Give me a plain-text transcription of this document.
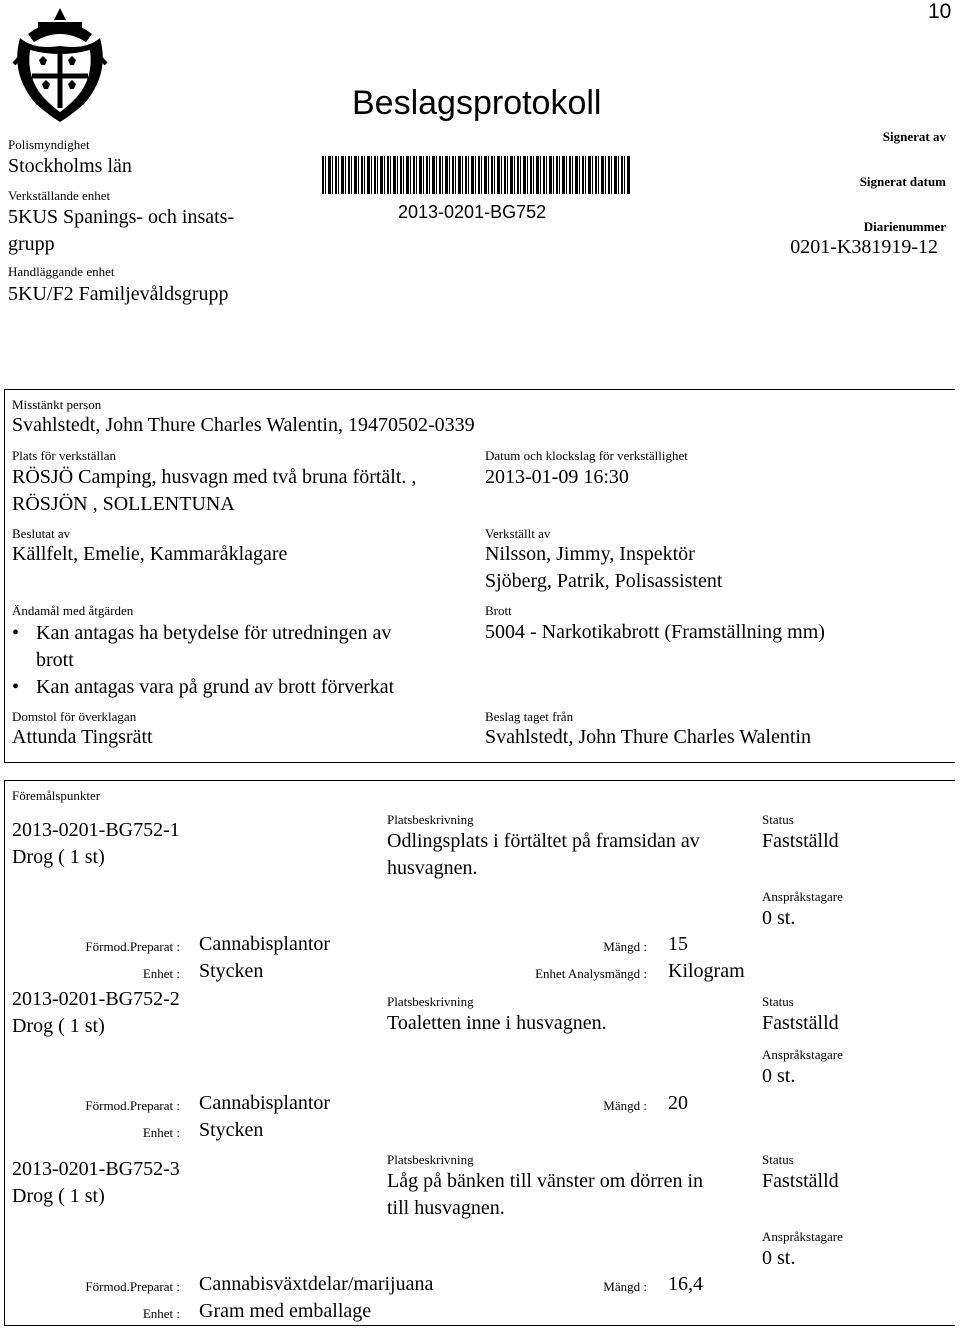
10
Beslagsprotokoll
2013-0201-BG752
Polismyndighet
Stockholms län
Verkställande enhet
5KUS Spanings- och insats-
grupp
Handläggande enhet
5KU/F2 Familjevåldsgrupp
Signerat av
Signerat datum
Diarienummer
0201-K381919-12
Misstänkt person
Svahlstedt, John Thure Charles Walentin, 19470502-0339
Plats för verkställan
RÖSJÖ Camping, husvagn med två bruna förtält. ,
RÖSJÖN , SOLLENTUNA
Datum och klockslag för verkställighet
2013-01-09 16:30
Beslutat av
Källfelt, Emelie, Kammaråklagare
Verkställt av
Nilsson, Jimmy, Inspektör
Sjöberg, Patrik, Polisassistent
Ändamål med åtgärden
• Kan antagas ha betydelse för utredningen av
brott
• Kan antagas vara på grund av brott förverkat
Brott
5004 - Narkotikabrott (Framställning mm)
Domstol för överklagan
Attunda Tingsrätt
Beslag taget från
Svahlstedt, John Thure Charles Walentin
Föremålspunkter
2013-0201-BG752-1
Drog ( 1 st)
Platsbeskrivning
Odlingsplats i förtältet på framsidan av
husvagnen.
Status
Fastställd
Anspråkstagare
0 st.
Förmod.Preparat : Cannabisplantor	Mängd : 15
Enhet : Stycken	Enhet Analysmängd : Kilogram
2013-0201-BG752-2
Drog ( 1 st)
Platsbeskrivning
Toaletten inne i husvagnen.
Status
Fastställd
Anspråkstagare
0 st.
Förmod.Preparat : Cannabisplantor	Mängd : 20
Enhet : Stycken
2013-0201-BG752-3
Drog ( 1 st)
Platsbeskrivning
Låg på bänken till vänster om dörren in
till husvagnen.
Status
Fastställd
Anspråkstagare
0 st.
Förmod.Preparat : Cannabisväxtdelar/marijuana	Mängd : 16,4
Enhet : Gram med emballage
